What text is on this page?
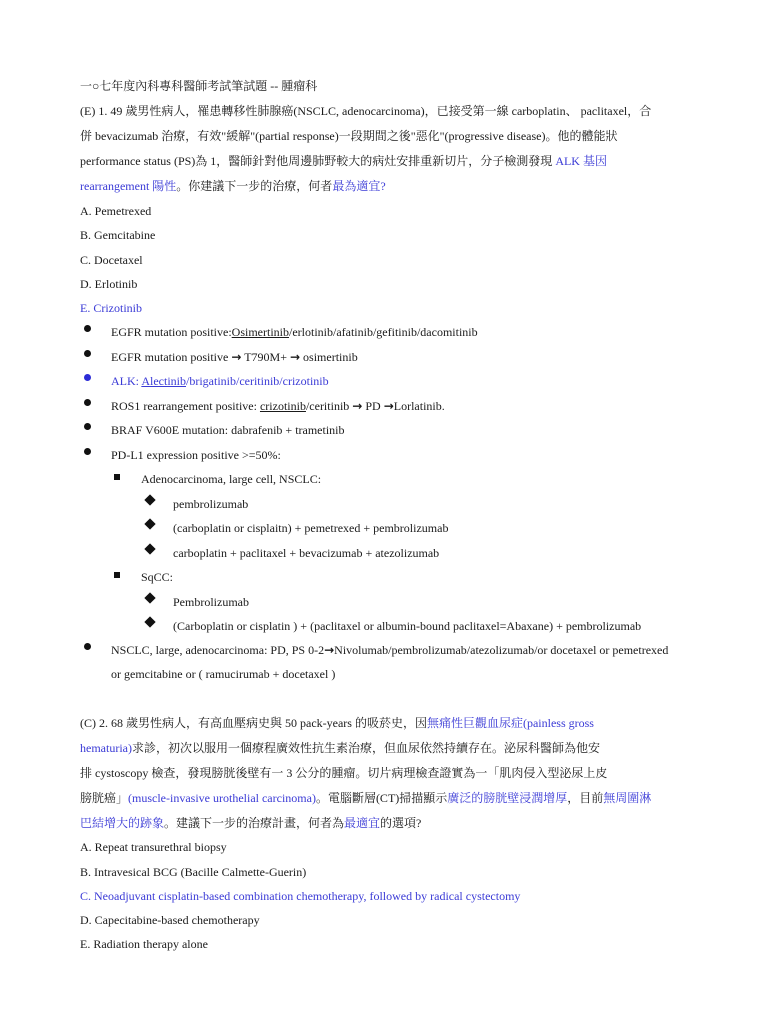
一○七年度內科專科醫師考試筆試題 -- 腫瘤科
(E) 1. 49 歲男性病人，罹患轉移性肺腺癌(NSCLC, adenocarcinoma)，已接受第一線 carboplatin、 paclitaxel，合
併 bevacizumab 治療，有效"緩解"(partial response)一段期間之後"惡化"(progressive disease)。他的體能狀
performance status (PS)為 1，醫師針對他周邊肺野較大的病灶安排重新切片，分子檢測發現 ALK 基因
rearrangement 陽性。你建議下一步的治療，何者最為適宜?
A. Pemetrexed
B. Gemcitabine
C. Docetaxel
D. Erlotinib
E. Crizotinib
EGFR mutation positive:Osimertinib/erlotinib/afatinib/gefitinib/dacomitinib
EGFR mutation positive → T790M+ → osimertinib
ALK: Alectinib/brigatinib/ceritinib/crizotinib
ROS1 rearrangement positive: crizotinib/ceritinib → PD →Lorlatinib.
BRAF V600E mutation: dabrafenib + trametinib
PD-L1 expression positive >=50%:
Adenocarcinoma, large cell, NSCLC:
pembrolizumab
(carboplatin or cisplaitn) + pemetrexed + pembrolizumab
carboplatin + paclitaxel + bevacizumab + atezolizumab
SqCC:
Pembrolizumab
(Carboplatin or cisplatin ) + (paclitaxel or albumin-bound paclitaxel=Abaxane) + pembrolizumab
NSCLC, large, adenocarcinoma: PD, PS 0-2→Nivolumab/pembrolizumab/atezolizumab/or docetaxel or pemetrexed
or gemcitabine or ( ramucirumab + docetaxel )
(C) 2. 68 歲男性病人，有高血壓病史與 50 pack-years 的吸菸史，因無痛性巨觀血尿症(painless gross
hematuria)求診，初次以服用一個療程廣效性抗生素治療，但血尿依然持續存在。泌尿科醫師為他安
排 cystoscopy 檢查，發現膀胱後壁有一 3 公分的腫瘤。切片病理檢查證實為一「肌肉侵入型泌尿上皮
膀胱癌」(muscle-invasive urothelial carcinoma)。電腦斷層(CT)掃描顯示廣泛的膀胱壁浸潤增厚，目前無周圍淋
巴結增大的跡象。建議下一步的治療計畫，何者為最適宜的選項?
A. Repeat transurethral biopsy
B. Intravesical BCG (Bacille Calmette-Guerin)
C. Neoadjuvant cisplatin-based combination chemotherapy, followed by radical cystectomy
D. Capecitabine-based chemotherapy
E. Radiation therapy alone
